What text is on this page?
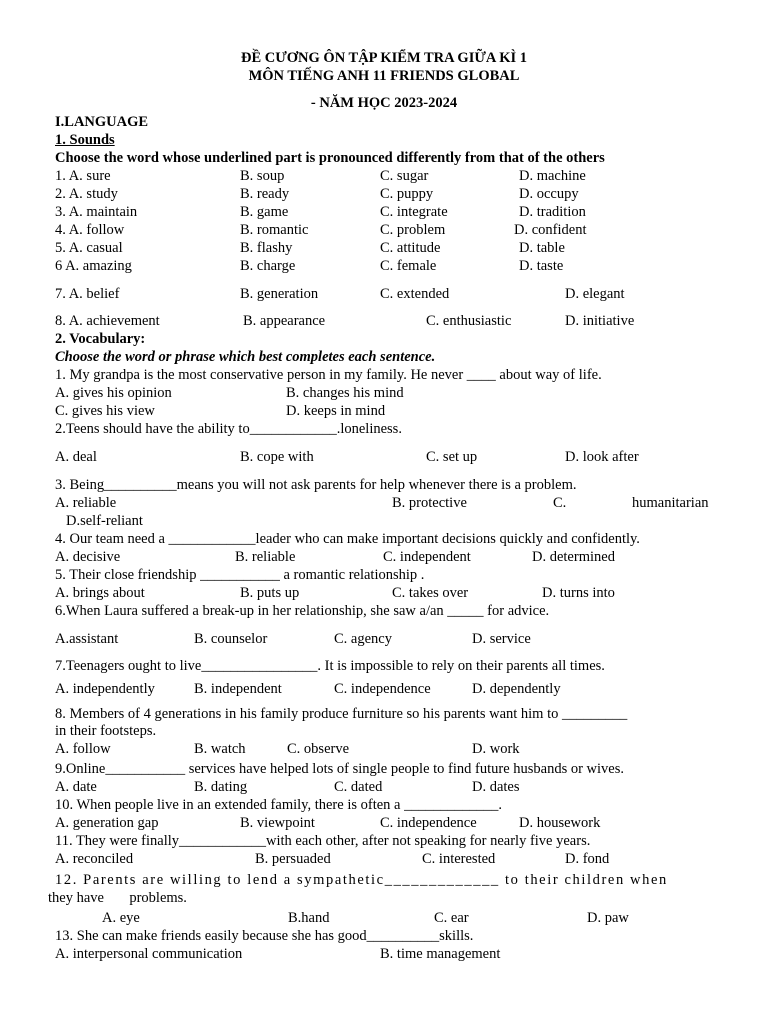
ĐỀ CƯƠNG ÔN TẬP KIỂM TRA GIỮA KÌ 1
MÔN TIẾNG ANH 11 FRIENDS GLOBAL
- NĂM HỌC 2023-2024
I.LANGUAGE
1. Sounds
Choose the word whose underlined part is pronounced differently from that of the others
1. A. sure	B. soup	C. sugar	D. machine
2. A. study	B. ready	C. puppy	D. occupy
3. A. maintain	B. game	C. integrate	D. tradition
4. A. follow	B. romantic	C. problem	D. confident
5. A. casual	B. flashy	C. attitude	D. table
6 A. amazing	B. charge	C. female	D. taste
7. A. belief	B. generation	C. extended	D. elegant
8. A. achievement	B. appearance	C. enthusiastic	D. initiative
2. Vocabulary:
Choose the word or phrase which best completes each sentence.
1. My grandpa is the most conservative person in my family. He never ____ about way of life.
A. gives his opinion	B. changes his mind
C. gives his view	D. keeps in mind
2.Teens should have the ability to____________.loneliness.
A. deal	B. cope with	C. set up	D. look after
3. Being__________means you will not ask parents for help whenever there is a problem.
A. reliable	B. protective	C.	humanitarian
D.self-reliant
4. Our team need a ____________leader who can make important decisions quickly and confidently.
A. decisive	B. reliable	C. independent	D. determined
5. Their close friendship ___________ a romantic relationship .
A. brings about	B. puts up	C. takes over	D. turns into
6.When Laura suffered a break-up in her relationship, she saw a/an _____ for advice.
A.assistant	B. counselor	C. agency	D. service
7.Teenagers ought to live________________. It is impossible to rely on their parents all times.
A. independently	B. independent	C. independence	D. dependently
8. Members of 4 generations in his family produce furniture so his parents want him to _________
in their footsteps.
A. follow	B. watch	C. observe	D. work
9.Online___________ services have helped lots of single people to find future husbands or wives.
A. date	B. dating	C. dated	D. dates
10. When people live in an extended family, there is often a _____________.
A. generation gap	B. viewpoint	C. independence	D. housework
11. They were finally____________with each other, after not speaking for nearly five years.
A. reconciled	B. persuaded	C. interested	D. fond
12. Parents are willing to lend a sympathetic_____________ to their children when
they have       problems.
A. eye	B.hand	C. ear	D. paw
13. She can make friends easily because she has good__________skills.
A. interpersonal communication	B. time management
